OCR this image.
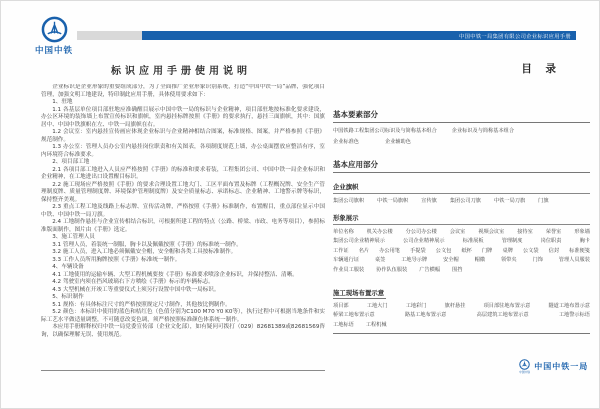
中国中铁
中国中铁一局集团有限公司企业标识应用手册
标识应用手册使用说明

企业标识是企业形象的重要组成部分，为了全面推广企业形象识别系统，打造“中国中铁一局”品牌，强化项目管理，加强文明工地建设，特印制此应用手册，具体使用要求如下：

1、驻地

1.1 各基层单位项目部驻地应准确醒目展示中国中铁一局的标识与企业精神，项目部驻地按标准化要求建设，办公区环境的装饰墙上布置宣传标识和旗帜，室内悬挂标牌按照《手册》的要求执行，悬挂三面旗帜，其中：国旗居中、中国中铁旗帜在左、中铁一局旗帜在右。

1.2 会议室：室内悬挂宣传画应体现企业标识与企业精神相结合图案，标准规格、图案，并严格参照《手册》规范制作。

1.3 办公室：管理人员办公室内悬挂岗位职责和有关图表，各项制度规范上墙，办公桌面摆放应整洁有序，室内环境符合标准要求。

2、项目部工地

2.1 各项目部工地进入人员应严格按照《手册》的标准和要求着装，工程集团公司、中国中铁一局企业标识和企业精神，在工地进出口设置醒目标识。

2.2 施工现场应严格按照《手册》的要求合理设置工地大门、工区平面布置及标牌（工程概况牌、安全生产管理制度牌、质量管理制度牌、环境保护管理制度牌）及安全质量标志、承诺标志、企业精神、工地警示牌等标识，保持整齐美观。

2.3 重点工程工地及线路上标志牌、宣传活动牌，严格按照《手册》标准制作，布置醒目，重点部位显示中国中铁、中国中铁一局刀旗。

2.4 工地制作悬挂与企业宣传相结合标识，可根据所建工程的特点（公路、桥梁、市政、电务等项目），参照标准版面制作，图片由《手册》选定。

3、施工管理人员

3.1 管理人员，着装统一制服，胸卡以及佩戴按照《手册》的标准统一制作。

3.2 施工人员，进入工地必须佩戴安全帽，安全帽和各类工具按标准制作。

3.3 工作人员所用胸牌按照《手册》标准统一制作。

4、车辆设备

4.1 工地使用的运输车辆、大型工程机械要按《手册》标准要求喷涂企业标识，并保持整洁、清晰。

4.2 驾驶室内须在挡风玻璃右下方喷绘《手册》标示的车辆标志。

4.3 大型机械在开竣工等重要仪式上须另行设置中国中铁一局标识。

5、标识制作

5.1 规格：有具体标注尺寸的严格按照规定尺寸制作，其他按比例制作。

5.2 颜色：本标识中使用的蓝色和桔红色（色值分别为C100 M70 Y0 K0等），执行过程中可根据当地条件和实际工艺水平做适量调整，不可随意改变色调，须严格按照标准颜色体系统一制作。

本应用手册解释权归中铁一局党委宣传部（企业文化部），如有疑问可拨打（029）82681389或82681569咨询，以确保理解无误、使用规范。

目 录
基本要素部分
中国铁路工程集团公司标识及与简称基本组合	企业标识及与简称基本组合
企业标准色	企业辅助色
基本应用部分
企业旗帜
集团公司旗帜	中铁一局旗帜	宣传旗	集团公司刀旗	中铁一局刀旗	门旗
形象展示
单位名称 机关办公楼 分公司办公楼 会议室 视频会议室 接待室 荣誉室 形象墙
集团公司企业精神展示	公司企业精神展示	标准展板	管理制度	岗位职责	胸卡
工作证 名片 办公用笔 手提袋 公文包 纸杯 门牌 桌牌 公文袋 信封 标准便笺
车辆通行证	桌签	工地导示牌	安全帽	帽徽	领带夹	门饰	管理人员服装
作业员工服装 协作队伍服装 广告横幅 围挡
施工现场布置示意
项目部	工地大门	工地彩门	旗杆悬挂	项目部驻地布置示意	隧道工地布置示意
桥梁工地布置示意	路基工地布置示意	高层建筑工地布置示意	工地警示标语
工地标语 工程机械
中国中铁
中国中铁一局
